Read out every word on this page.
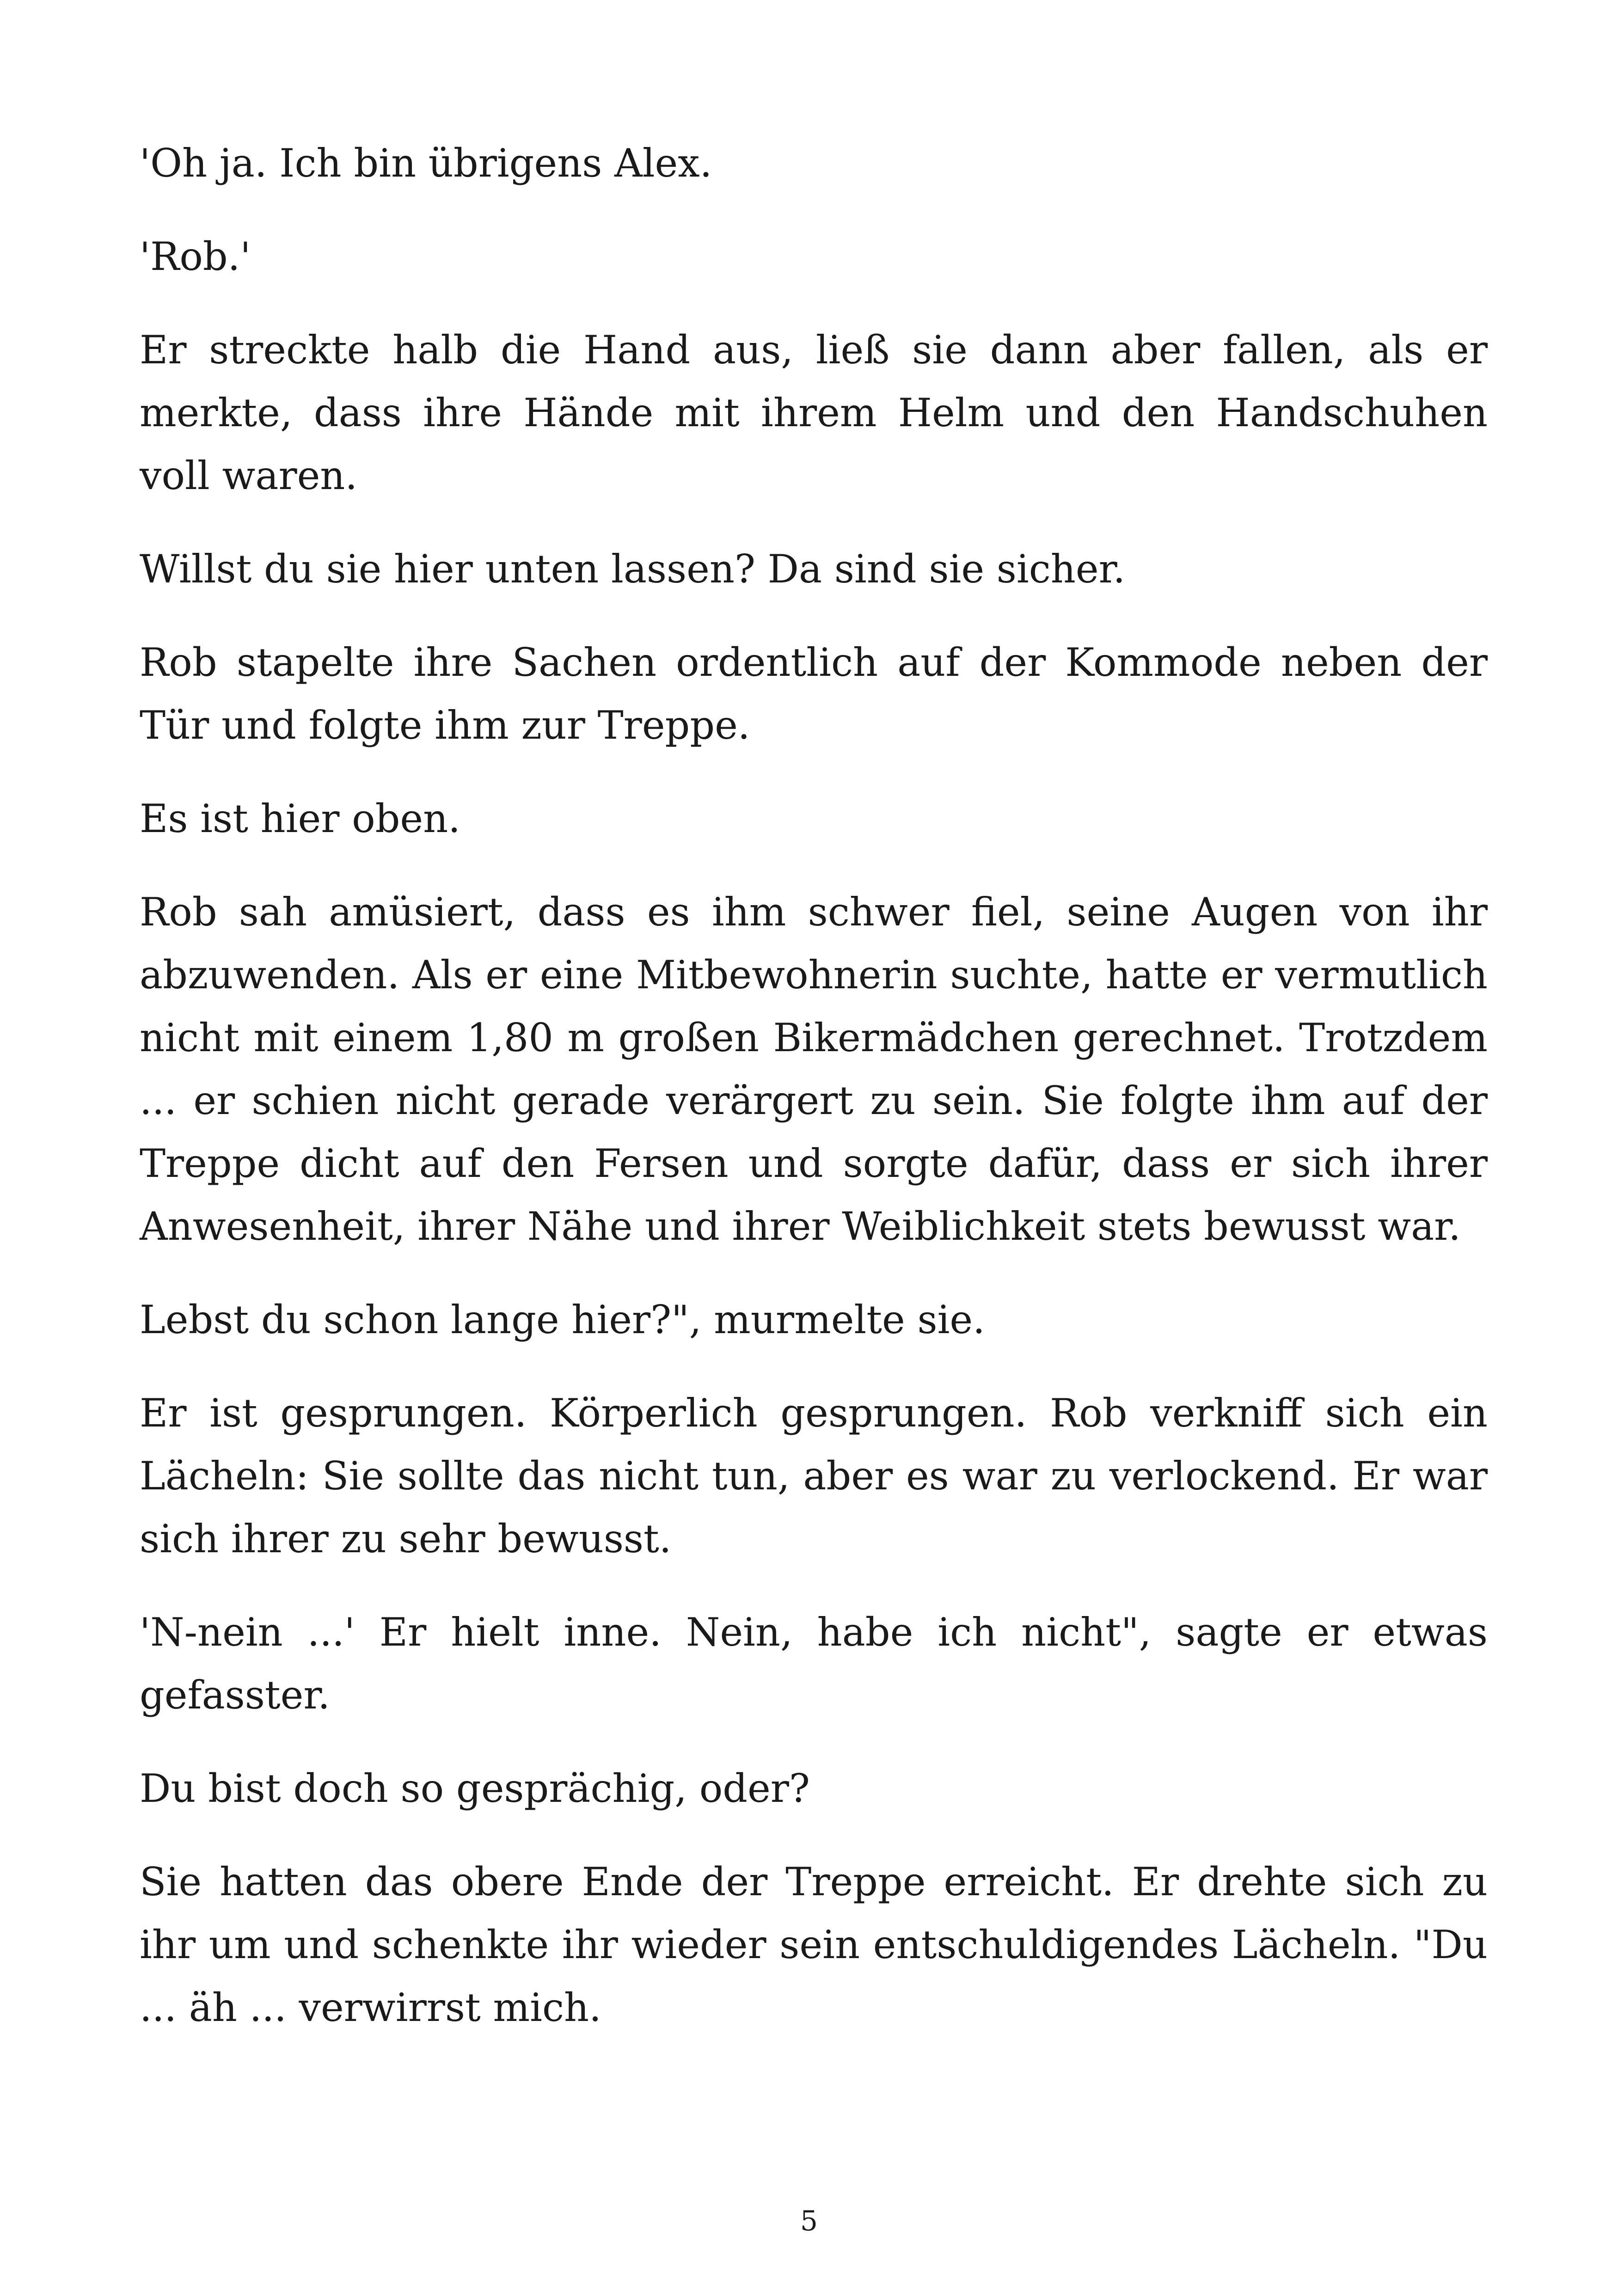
'Oh ja. Ich bin übrigens Alex.

'Rob.'

Er streckte halb die Hand aus, ließ sie dann aber fallen, als er merkte, dass ihre Hände mit ihrem Helm und den Handschuhen voll waren.

Willst du sie hier unten lassen? Da sind sie sicher.

Rob stapelte ihre Sachen ordentlich auf der Kommode neben der Tür und folgte ihm zur Treppe.

Es ist hier oben.

Rob sah amüsiert, dass es ihm schwer fiel, seine Augen von ihr abzuwenden. Als er eine Mitbewohnerin suchte, hatte er vermutlich nicht mit einem 1,80 m großen Bikermädchen gerechnet. Trotzdem ... er schien nicht gerade verärgert zu sein. Sie folgte ihm auf der Treppe dicht auf den Fersen und sorgte dafür, dass er sich ihrer Anwesenheit, ihrer Nähe und ihrer Weiblichkeit stets bewusst war.

Lebst du schon lange hier?", murmelte sie.

Er ist gesprungen. Körperlich gesprungen. Rob verkniff sich ein Lächeln: Sie sollte das nicht tun, aber es war zu verlockend. Er war sich ihrer zu sehr bewusst.

'N-nein ...' Er hielt inne. Nein, habe ich nicht", sagte er etwas gefasster.

Du bist doch so gesprächig, oder?

Sie hatten das obere Ende der Treppe erreicht. Er drehte sich zu ihr um und schenkte ihr wieder sein entschuldigendes Lächeln. "Du ... äh ... verwirrst mich.

5
